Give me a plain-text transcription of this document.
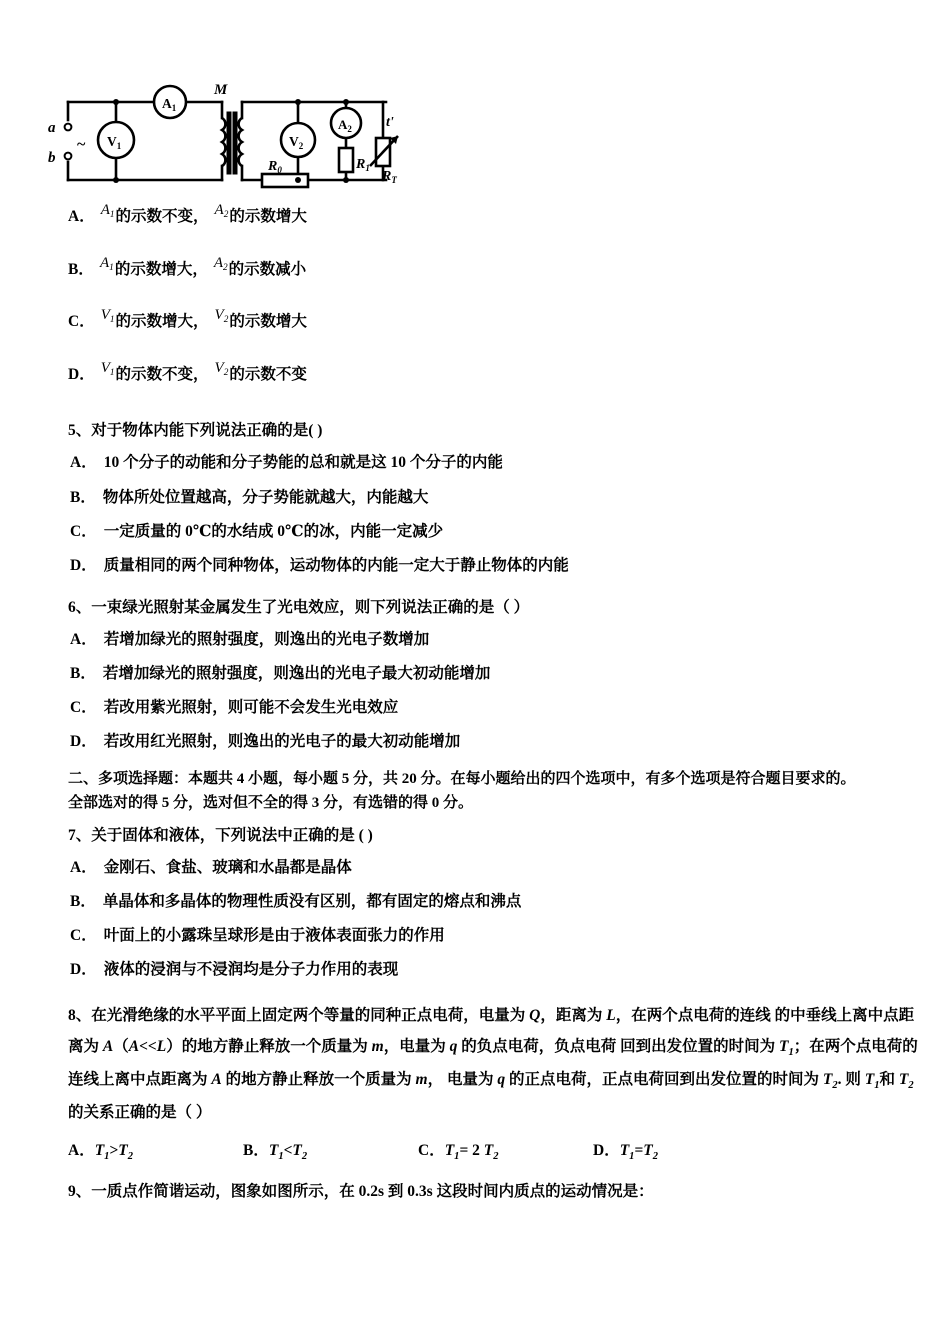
a
b
~
$A_1$
$V_1$
M
$V_2$
$A_2$
$R_0$	$R_1$
$R_T$
t'
A． $A_1$的示数不变， $A_2$的示数增大
B． $A_1$的示数增大， $A_2$的示数减小
C． $V_1$的示数增大， $V_2$的示数增大
D． $V_1$的示数不变， $V_2$的示数不变

5、对于物体内能下列说法正确的是( )

A． 10 个分子的动能和分子势能的总和就是这 10 个分子的内能

B． 物体所处位置越高，分子势能就越大，内能越大

C． 一定质量的 0℃的水结成 0℃的冰，内能一定减少

D． 质量相同的两个同种物体，运动物体的内能一定大于静止物体的内能

6、一束绿光照射某金属发生了光电效应，则下列说法正确的是（ ）

A． 若增加绿光的照射强度，则逸出的光电子数增加

B． 若增加绿光的照射强度，则逸出的光电子最大初动能增加

C． 若改用紫光照射，则可能不会发生光电效应

D． 若改用红光照射，则逸出的光电子的最大初动能增加

二、多项选择题：本题共 4 小题，每小题 5 分，共 20 分。在每小题给出的四个选项中，有多个选项是符合题目要求的。

全部选对的得 5 分，选对但不全的得 3 分，有选错的得 0 分。

7、关于固体和液体，下列说法中正确的是 ( )

A． 金刚石、食盐、玻璃和水晶都是晶体

B． 单晶体和多晶体的物理性质没有区别，都有固定的熔点和沸点

C． 叶面上的小露珠呈球形是由于液体表面张力的作用

D． 液体的浸润与不浸润均是分子力作用的表现

8、在光滑绝缘的水平平面上固定两个等量的同种正点电荷，电量为 Q，距离为 L，在两个点电荷的连线 的中垂线上离中点距离为 A（A<<L）的地方静止释放一个质量为 m，电量为 q 的负点电荷，负点电荷 回到出发位置的时间为 $T_1$；在两个点电荷的连线上离中点距离为 A 的地方静止释放一个质量为 m， 电量为 q 的正点电荷，正点电荷回到出发位置的时间为 $T_2$. 则 $T_1$和 $T_2$ 的关系正确的是（ ）

A．$T_1>T_2$	B．$T_1<T_2$	C．$T_1= 2$ $T_2$	D．$T_1=T_2$

9、一质点作简谐运动，图象如图所示，在 0.2s 到 0.3s 这段时间内质点的运动情况是：
